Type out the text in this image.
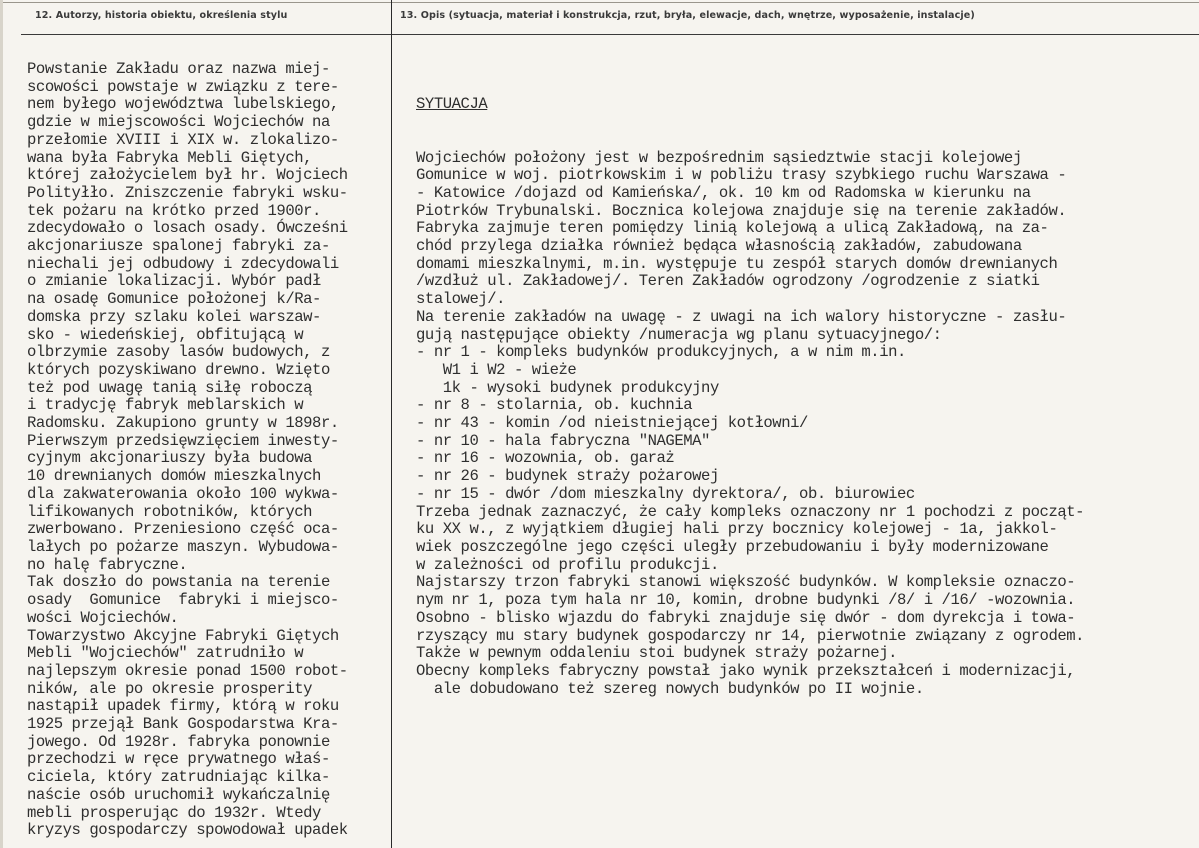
12. Autorzy, historia obiektu, określenia stylu	13. Opis (sytuacja, materiał i konstrukcja, rzut, bryła, elewacje, dach, wnętrze, wyposażenie, instalacje)
Powstanie Zakładu oraz nazwa miej-
scowości powstaje w związku z tere-
nem byłego województwa lubelskiego,
gdzie w miejscowości Wojciechów na
przełomie XVIII i XIX w. zlokalizo-
wana była Fabryka Mebli Giętych,
której założycielem był hr. Wojciech
Polityłło. Zniszczenie fabryki wsku-
tek pożaru na krótko przed 1900r.
zdecydowało o losach osady. Ówcześni
akcjonariusze spalonej fabryki za-
niechali jej odbudowy i zdecydowali
o zmianie lokalizacji. Wybór padł
na osadę Gomunice położonej k/Ra-
domska przy szlaku kolei warszaw-
sko - wiedeńskiej, obfitującą w
olbrzymie zasoby lasów budowych, z
których pozyskiwano drewno. Wzięto
też pod uwagę tanią siłę roboczą
i tradycję fabryk meblarskich w
Radomsku. Zakupiono grunty w 1898r.
Pierwszym przedsięwzięciem inwesty-
cyjnym akcjonariuszy była budowa
10 drewnianych domów mieszkalnych
dla zakwaterowania około 100 wykwa-
lifikowanych robotników, których
zwerbowano. Przeniesiono część oca-
lałych po pożarze maszyn. Wybudowa-
no halę fabryczne.
Tak doszło do powstania na terenie
osady  Gomunice  fabryki i miejsco-
wości Wojciechów.
Towarzystwo Akcyjne Fabryki Giętych
Mebli "Wojciechów" zatrudniło w
najlepszym okresie ponad 1500 robot-
ników, ale po okresie prosperity
nastąpił upadek firmy, którą w roku
1925 przejął Bank Gospodarstwa Kra-
jowego. Od 1928r. fabryka ponownie
przechodzi w ręce prywatnego właś-
ciciela, który zatrudniając kilka-
naście osób uruchomił wykańczalnię
mebli prosperując do 1932r. Wtedy
kryzys gospodarczy spowodował upadek

SYTUACJA

Wojciechów położony jest w bezpośrednim sąsiedztwie stacji kolejowej
Gomunice w woj. piotrkowskim i w pobliżu trasy szybkiego ruchu Warszawa -
- Katowice /dojazd od Kamieńska/, ok. 10 km od Radomska w kierunku na
Piotrków Trybunalski. Bocznica kolejowa znajduje się na terenie zakładów.
Fabryka zajmuje teren pomiędzy linią kolejową a ulicą Zakładową, na za-
chód przylega działka również będąca własnością zakładów, zabudowana
domami mieszkalnymi, m.in. występuje tu zespół starych domów drewnianych
/wzdłuż ul. Zakładowej/. Teren Zakładów ogrodzony /ogrodzenie z siatki
stalowej/.
Na terenie zakładów na uwagę - z uwagi na ich walory historyczne - zasłu-
gują następujące obiekty /numeracja wg planu sytuacyjnego/:
- nr 1 - kompleks budynków produkcyjnych, a w nim m.in.
W1 i W2 - wieże
1k - wysoki budynek produkcyjny
- nr 8 - stolarnia, ob. kuchnia
- nr 43 - komin /od nieistniejącej kotłowni/
- nr 10 - hala fabryczna "NAGEMA"
- nr 16 - wozownia, ob. garaż
- nr 26 - budynek straży pożarowej
- nr 15 - dwór /dom mieszkalny dyrektora/, ob. biurowiec
Trzeba jednak zaznaczyć, że cały kompleks oznaczony nr 1 pochodzi z począt-
ku XX w., z wyjątkiem długiej hali przy bocznicy kolejowej - 1a, jakkol-
wiek poszczególne jego części uległy przebudowaniu i były modernizowane
w zależności od profilu produkcji.
Najstarszy trzon fabryki stanowi większość budynków. W kompleksie oznaczo-
nym nr 1, poza tym hala nr 10, komin, drobne budynki /8/ i /16/ -wozownia.
Osobno - blisko wjazdu do fabryki znajduje się dwór - dom dyrekcja i towa-
rzyszący mu stary budynek gospodarczy nr 14, pierwotnie związany z ogrodem.
Także w pewnym oddaleniu stoi budynek straży pożarnej.
Obecny kompleks fabryczny powstał jako wynik przekształceń i modernizacji,
ale dobudowano też szereg nowych budynków po II wojnie.
